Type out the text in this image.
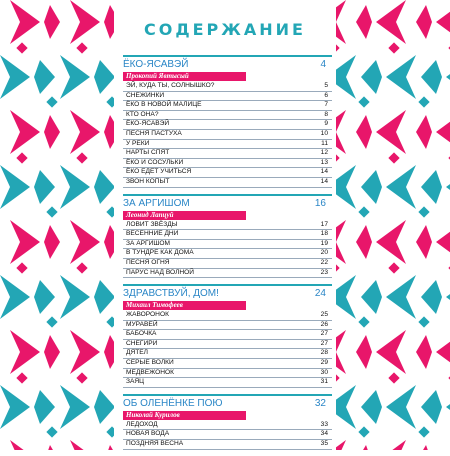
СОДЕРЖАНИЕ
ЁКО-ЯСАВЭЙ	4
Прокопий Явтысый
ЭЙ, КУДА ТЫ, СОЛНЫШКО?	5
СНЕЖИНКИ	6
ЁКО В НОВОЙ МАЛИЦЕ	7
КТО ОНА?	8
ЁКО-ЯСАВЭЙ	9
ПЕСНЯ ПАСТУХА	10
У РЕКИ	11
НАРТЫ СПЯТ	12
ЁКО И СОСУЛЬКИ	13
ЁКО ЕДЕТ УЧИТЬСЯ	14
ЗВОН КОПЫТ	14
ЗА АРГИШОМ	16
Леонид Лапцуй
ЛОВИТ ЗВЁЗДЫ	17
ВЕСЕННИЕ ДНИ	18
ЗА АРГИШОМ	19
В ТУНДРЕ КАК ДОМА	20
ПЕСНЯ ОГНЯ	22
ПАРУС НАД ВОЛНОЙ	23
ЗДРАВСТВУЙ, ДОМ!	24
Михаил Тимофеев
ЖАВОРОНОК	25
МУРАВЕЙ	26
БАБОЧКА	27
СНЕГИРИ	27
ДЯТЕЛ	28
СЕРЫЕ ВОЛКИ	29
МЕДВЕЖОНОК	30
ЗАЯЦ	31
ОБ ОЛЕНЁНКЕ ПОЮ	32
Николай Курилов
ЛЕДОХОД	33
НОВАЯ ВОДА	34
ПОЗДНЯЯ ВЕСНА	35
